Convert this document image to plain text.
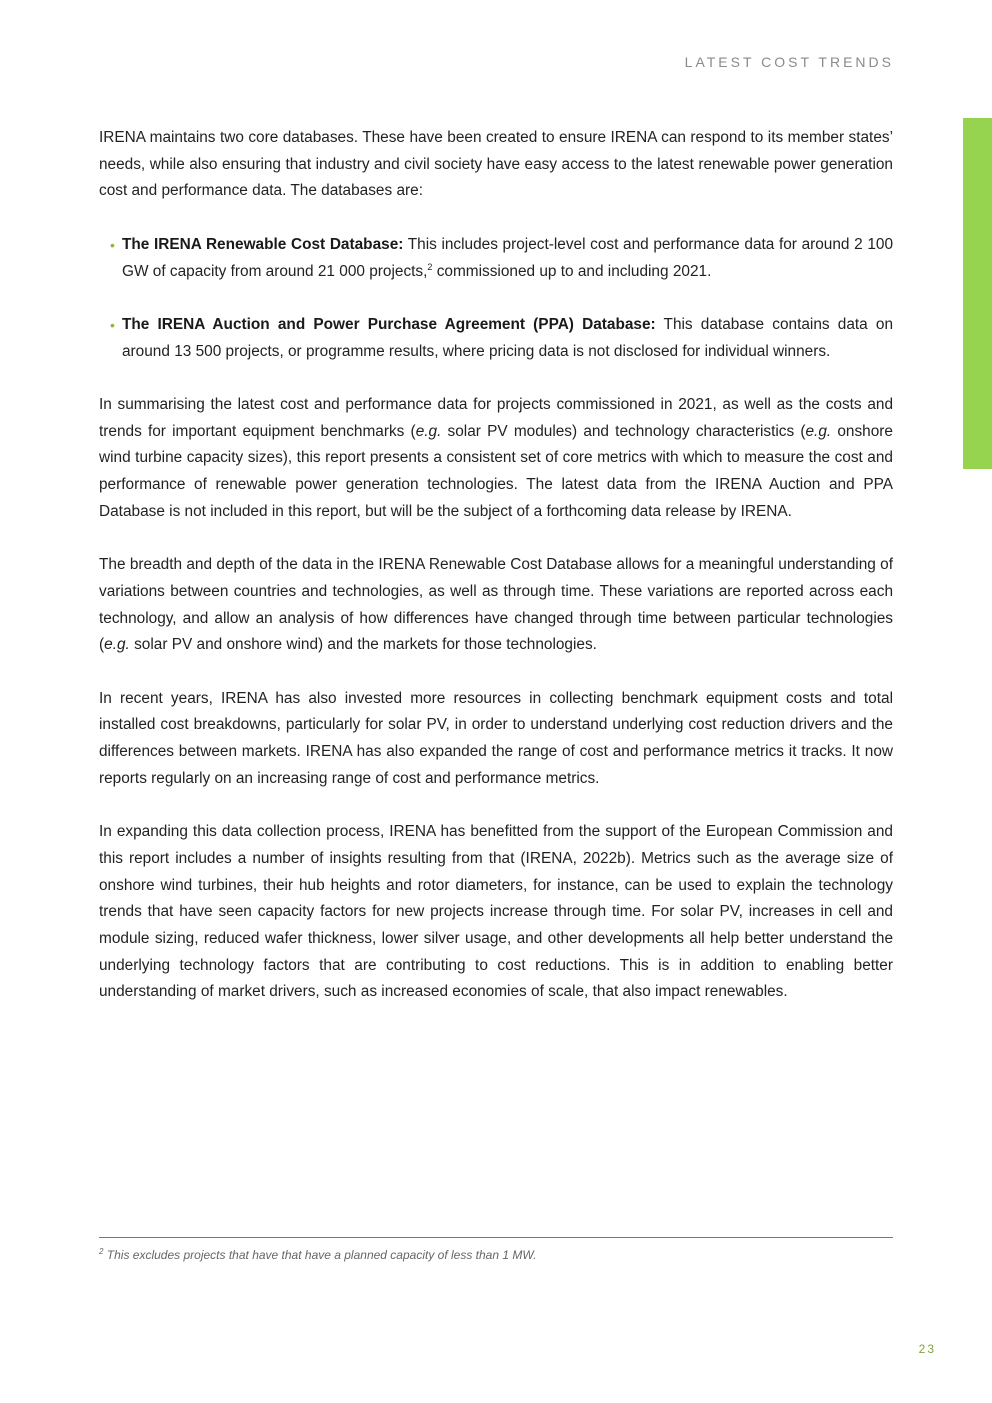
LATEST COST TRENDS

IRENA maintains two core databases. These have been created to ensure IRENA can respond to its member states’ needs, while also ensuring that industry and civil society have easy access to the latest renewable power generation cost and performance data. The databases are:

• The IRENA Renewable Cost Database: This includes project-level cost and performance data for around 2 100 GW of capacity from around 21 000 projects,$^2$ commissioned up to and including 2021.
• The IRENA Auction and Power Purchase Agreement (PPA) Database: This database contains data on around 13 500 projects, or programme results, where pricing data is not disclosed for individual winners.

In summarising the latest cost and performance data for projects commissioned in 2021, as well as the costs and trends for important equipment benchmarks (e.g. solar PV modules) and technology characteristics (e.g. onshore wind turbine capacity sizes), this report presents a consistent set of core metrics with which to measure the cost and performance of renewable power generation technologies. The latest data from the IRENA Auction and PPA Database is not included in this report, but will be the subject of a forthcoming data release by IRENA.

The breadth and depth of the data in the IRENA Renewable Cost Database allows for a meaningful understanding of variations between countries and technologies, as well as through time. These variations are reported across each technology, and allow an analysis of how differences have changed through time between particular technologies (e.g. solar PV and onshore wind) and the markets for those technologies.

In recent years, IRENA has also invested more resources in collecting benchmark equipment costs and total installed cost breakdowns, particularly for solar PV, in order to understand underlying cost reduction drivers and the differences between markets. IRENA has also expanded the range of cost and performance metrics it tracks. It now reports regularly on an increasing range of cost and performance metrics.

In expanding this data collection process, IRENA has benefitted from the support of the European Commission and this report includes a number of insights resulting from that (IRENA, 2022b). Metrics such as the average size of onshore wind turbines, their hub heights and rotor diameters, for instance, can be used to explain the technology trends that have seen capacity factors for new projects increase through time. For solar PV, increases in cell and module sizing, reduced wafer thickness, lower silver usage, and other developments all help better understand the underlying technology factors that are contributing to cost reductions. This is in addition to enabling better understanding of market drivers, such as increased economies of scale, that also impact renewables.

$^2$ This excludes projects that have that have a planned capacity of less than 1 MW.
23
